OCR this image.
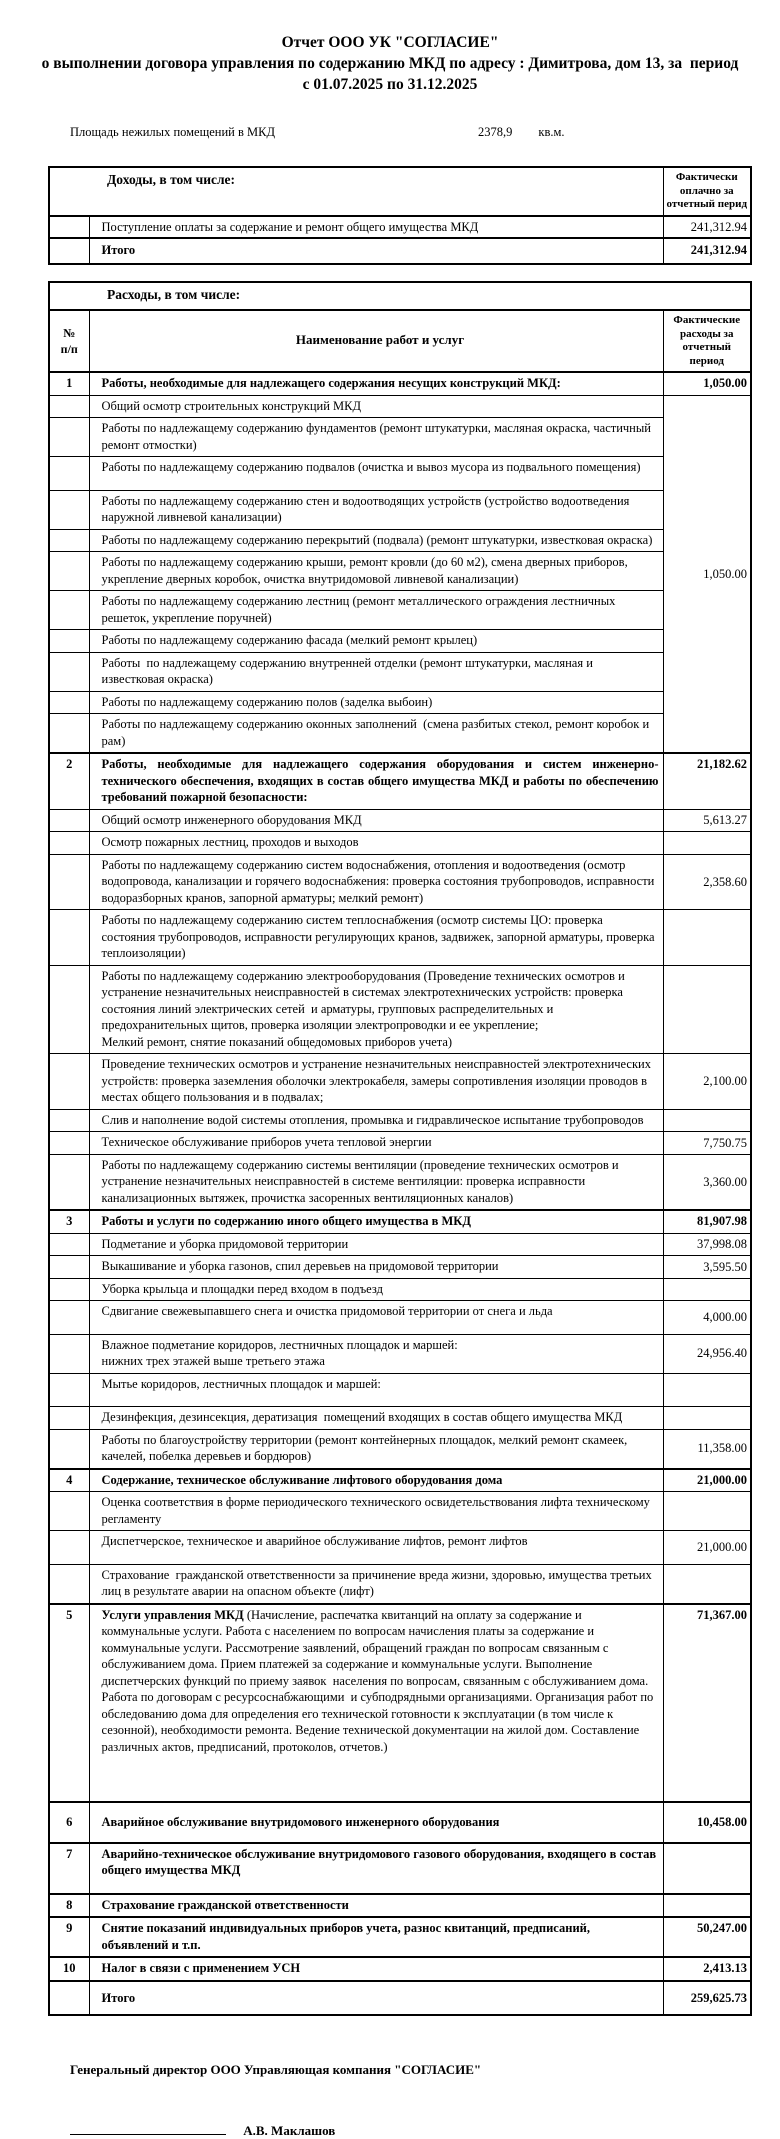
Отчет ООО УК "СОГЛАСИЕ"
о выполнении договора управления по содержанию МКД по адресу : Димитрова, дом 13, за  период
с 01.07.2025 по 31.12.2025
Площадь нежилых помещений в МКД	2378,9 кв.м.
Доходы, в том числе:		Фактически
оплачно за
отчетный перид
	Поступление оплаты за содержание и ремонт общего имущества МКД	241,312.94
	Итого	241,312.94
Расходы, в том числе:		
№
п/п	Наименование работ и услуг	Фактические
расходы за
отчетный период
1	Работы, необходимые для надлежащего содержания несущих конструкций МКД:	1,050.00
	Общий осмотр строительных конструкций МКД	1,050.00
	Работы по надлежащему содержанию фундаментов (ремонт штукатурки, масляная окраска, частичный ремонт отмостки)	
	Работы по надлежащему содержанию подвалов (очистка и вывоз мусора из подвального помещения)	
	Работы по надлежащему содержанию стен и водоотводящих устройств (устройство водоотведения наружной ливневой канализации)	
	Работы по надлежащему содержанию перекрытий (подвала) (ремонт штукатурки, известковая окраска)	
	Работы по надлежащему содержанию крыши, ремонт кровли (до 60 м2), смена дверных приборов, укрепление дверных коробок, очистка внутридомовой ливневой канализации)	
	Работы по надлежащему содержанию лестниц (ремонт металлического ограждения лестничных решеток, укрепление поручней)	
	Работы по надлежащему содержанию фасада (мелкий ремонт крылец)	
	Работы  по надлежащему содержанию внутренней отделки (ремонт штукатурки, масляная и известковая окраска)	
	Работы по надлежащему содержанию полов (заделка выбоин)	
	Работы по надлежащему содержанию оконных заполнений  (смена разбитых стекол, ремонт коробок и рам)	
2	Работы, необходимые для надлежащего содержания оборудования и систем инженерно-технического обеспечения, входящих в состав общего имущества МКД и работы по обеспечению требований пожарной безопасности:	21,182.62
	Общий осмотр инженерного оборудования МКД	5,613.27
	Осмотр пожарных лестниц, проходов и выходов	
	Работы по надлежащему содержанию систем водоснабжения, отопления и водоотведения (осмотр водопровода, канализации и горячего водоснабжения: проверка состояния трубопроводов, исправности водоразборных кранов, запорной арматуры; мелкий ремонт)	2,358.60
	Работы по надлежащему содержанию систем теплоснабжения (осмотр системы ЦО: проверка состояния трубопроводов, исправности регулирующих кранов, задвижек, запорной арматуры, проверка теплоизоляции)	
	Работы по надлежащему содержанию электрооборудования (Проведение технических осмотров и устранение незначительных неисправностей в системах электротехнических устройств: проверка состояния линий электрических сетей  и арматуры, групповых распределительных и предохранительных щитов, проверка изоляции электропроводки и ее укрепление;
Мелкий ремонт, снятие показаний общедомовых приборов учета)	
	Проведение технических осмотров и устранение незначительных неисправностей электротехнических устройств: проверка заземления оболочки электрокабеля, замеры сопротивления изоляции проводов в местах общего пользования и в подвалах;	2,100.00
	Слив и наполнение водой системы отопления, промывка и гидравлическое испытание трубопроводов	
	Техническое обслуживание приборов учета тепловой энергии	7,750.75
	Работы по надлежащему содержанию системы вентиляции (проведение технических осмотров и устранение незначительных неисправностей в системе вентиляции: проверка исправности канализационных вытяжек, прочистка засоренных вентиляционных каналов)	3,360.00
3	Работы и услуги по содержанию иного общего имущества в МКД	81,907.98
	Подметание и уборка придомовой территории	37,998.08
	Выкашивание и уборка газонов, спил деревьев на придомовой территории	3,595.50
	Уборка крыльца и площадки перед входом в подъезд	
	Сдвигание свежевыпавшего снега и очистка придомовой территории от снега и льда	4,000.00
	Влажное подметание коридоров, лестничных площадок и маршей:
нижних трех этажей выше третьего этажа	24,956.40
	Мытье коридоров, лестничных площадок и маршей:	
	Дезинфекция, дезинсекция, дератизация  помещений входящих в состав общего имущества МКД	
	Работы по благоустройству территории (ремонт контейнерных площадок, мелкий ремонт скамеек, качелей, побелка деревьев и бордюров)	11,358.00
4	Содержание, техническое обслуживание лифтового оборудования дома	21,000.00
	Оценка соответствия в форме периодического технического освидетельствования лифта техническому регламенту	
	Диспетчерское, техническое и аварийное обслуживание лифтов, ремонт лифтов	21,000.00
	Страхование  гражданской ответственности за причинение вреда жизни, здоровью, имущества третьих лиц в результате аварии на опасном объекте (лифт)	
5	Услуги управления МКД (Начисление, распечатка квитанций на оплату за содержание и коммунальные услуги. Работа с населением по вопросам начисления платы за содержание и коммунальные услуги. Рассмотрение заявлений, обращений граждан по вопросам связанным с обслуживанием дома. Прием платежей за содержание и коммунальные услуги. Выполнение диспетчерских функций по приему заявок  населения по вопросам, связанным с обслуживанием дома. Работа по договорам с ресурсоснабжающими  и субподрядными организациями. Организация работ по обследованию дома для определения его технической готовности к эксплуатации (в том числе к сезонной), необходимости ремонта. Ведение технической документации на жилой дом. Составление различных актов, предписаний, протоколов, отчетов.)	71,367.00
6	Аварийное обслуживание внутридомового инженерного оборудования	10,458.00
7	Аварийно-техническое обслуживание внутридомового газового оборудования, входящего в состав общего имущества МКД	
8	Страхование гражданской ответственности	
9	Снятие показаний индивидуальных приборов учета, разнос квитанций, предписаний, объявлений и т.п.	50,247.00
10	Налог в связи с применением УСН	2,413.13
	Итого	259,625.73
Генеральный директор ООО Управляющая компания "СОГЛАСИЕ"
А.В. Маклашов
